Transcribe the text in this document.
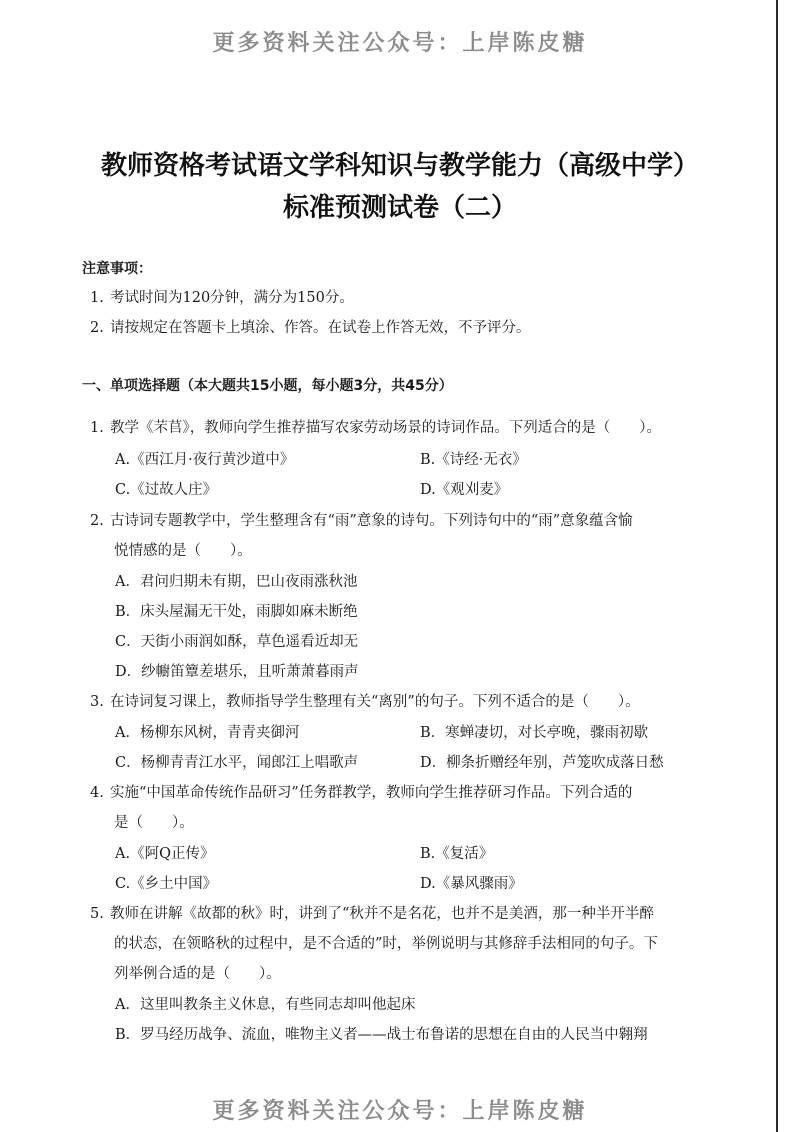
更多资料关注公众号：上岸陈皮糖
教师资格考试语文学科知识与教学能力（高级中学）
标准预测试卷（二）
注意事项：
1. 考试时间为120分钟，满分为150分。
2. 请按规定在答题卡上填涂、作答。在试卷上作答无效，不予评分。
一、单项选择题（本大题共15小题，每小题3分，共45分）
1. 教学《芣苢》，教师向学生推荐描写农家劳动场景的诗词作品。下列适合的是（　　）。
A.《西江月·夜行黄沙道中》	B.《诗经·无衣》
C.《过故人庄》	D.《观刈麦》
2. 古诗词专题教学中，学生整理含有“雨”意象的诗句。下列诗句中的“雨”意象蕴含愉
悦情感的是（　　）。
A．君问归期未有期，巴山夜雨涨秋池
B．床头屋漏无干处，雨脚如麻未断绝
C．天街小雨润如酥，草色遥看近却无
D．纱幮笛簟差堪乐，且听萧萧暮雨声
3. 在诗词复习课上，教师指导学生整理有关“离别”的句子。下列不适合的是（　　）。
A．杨柳东风树，青青夹御河	B．寒蝉凄切，对长亭晚，骤雨初歇
C．杨柳青青江水平，闻郎江上唱歌声	D．柳条折赠经年别，芦笼吹成落日愁
4. 实施“中国革命传统作品研习”任务群教学，教师向学生推荐研习作品。下列合适的
是（　　）。
A.《阿Q正传》	B.《复活》
C.《乡土中国》	D.《暴风骤雨》
5. 教师在讲解《故都的秋》时，讲到了“秋并不是名花，也并不是美酒，那一种半开半醉
的状态，在领略秋的过程中，是不合适的”时，举例说明与其修辞手法相同的句子。下
列举例合适的是（　　）。
A．这里叫教条主义休息，有些同志却叫他起床
B．罗马经历战争、流血，唯物主义者——战士布鲁诺的思想在自由的人民当中翱翔
更多资料关注公众号：上岸陈皮糖
